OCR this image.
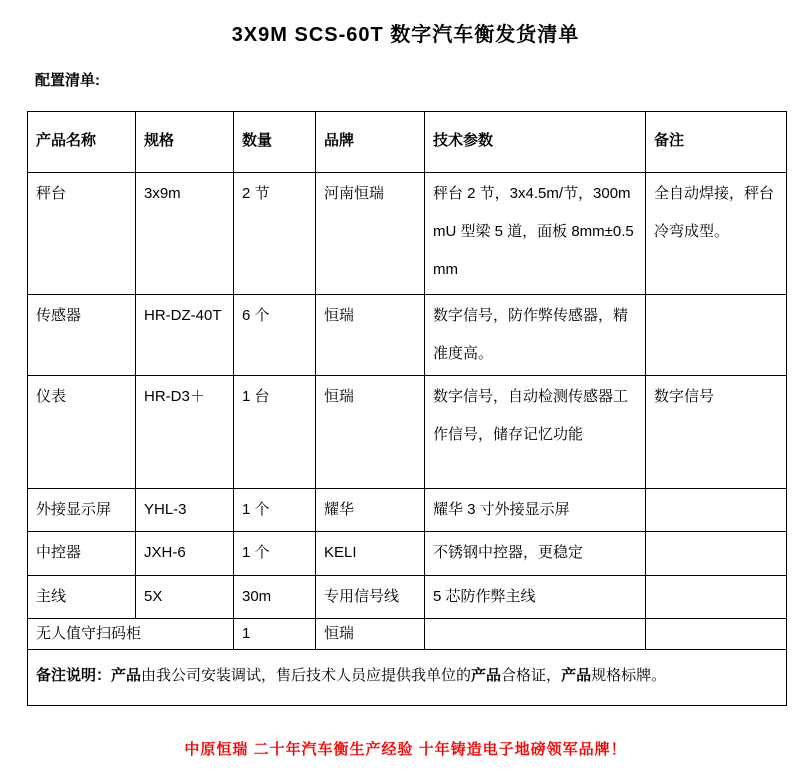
3X9M SCS-60T 数字汽车衡发货清单
配置清单:
产品名称	规格	数量	品牌	技术参数	备注
秤台	3x9m	2 节	河南恒瑞	秤台 2 节，3x4.5m/节，300mmU 型梁 5 道，面板 8mm±0.5mm	全自动焊接，秤台冷弯成型。
传感器	HR-DZ-40T	6 个	恒瑞	数字信号，防作弊传感器，精准度高。	
仪表	HR-D3＋	1 台	恒瑞	数字信号，自动检测传感器工作信号，储存记忆功能	数字信号
外接显示屏	YHL-3	1 个	耀华	耀华 3 寸外接显示屏	
中控器	JXH-6	1 个	KELI	不锈钢中控器，更稳定	
主线	5X	30m	专用信号线	5 芯防作弊主线	
无人值守扫码柜		1	恒瑞		
备注说明：产品由我公司安装调试，售后技术人员应提供我单位的产品合格证，产品规格标牌。					
中原恒瑞 二十年汽车衡生产经验 十年铸造电子地磅领军品牌！
